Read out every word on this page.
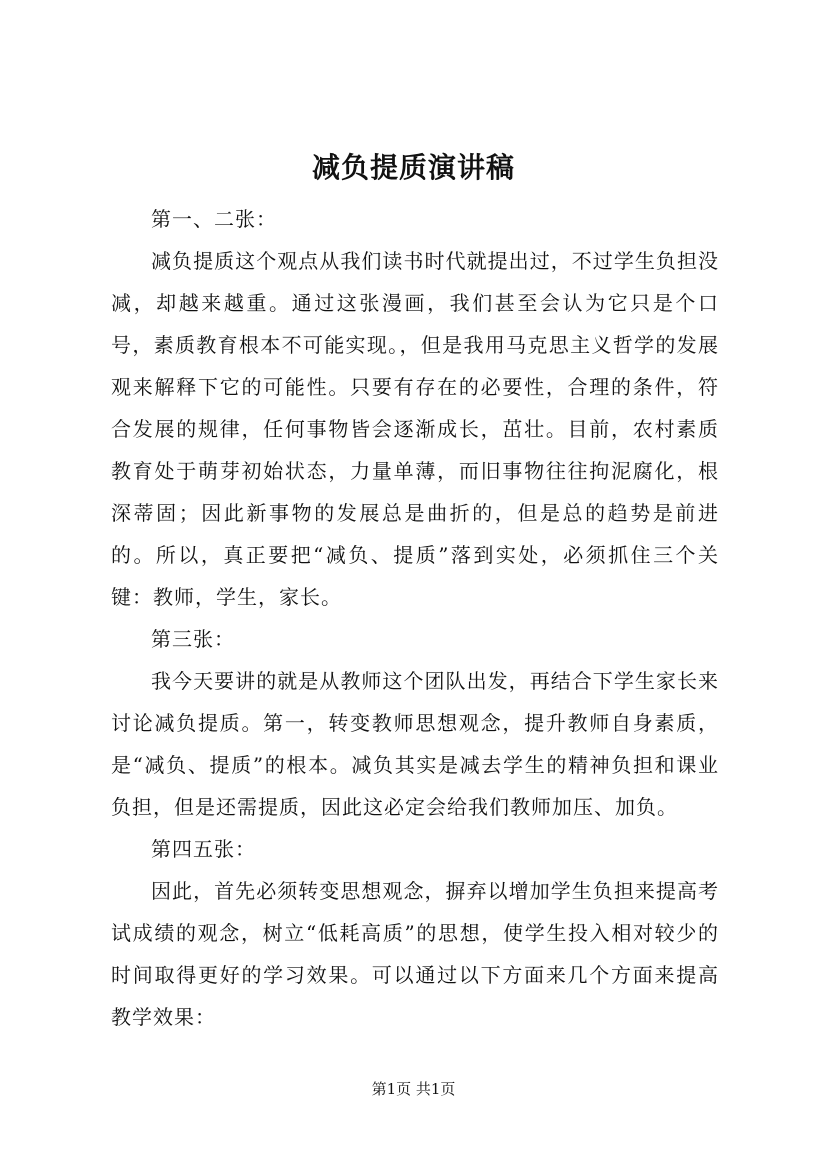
减负提质演讲稿

第一、二张：

减负提质这个观点从我们读书时代就提出过，不过学生负担没减，却越来越重。通过这张漫画，我们甚至会认为它只是个口号，素质教育根本不可能实现。，但是我用马克思主义哲学的发展观来解释下它的可能性。只要有存在的必要性，合理的条件，符合发展的规律，任何事物皆会逐渐成长，茁壮。目前，农村素质教育处于萌芽初始状态，力量单薄，而旧事物往往拘泥腐化，根深蒂固；因此新事物的发展总是曲折的，但是总的趋势是前进的。所以，真正要把“减负、提质”落到实处，必须抓住三个关键：教师，学生，家长。

第三张：

我今天要讲的就是从教师这个团队出发，再结合下学生家长来讨论减负提质。第一，转变教师思想观念，提升教师自身素质，是“减负、提质”的根本。减负其实是减去学生的精神负担和课业负担，但是还需提质，因此这必定会给我们教师加压、加负。

第四五张：

因此，首先必须转变思想观念，摒弃以增加学生负担来提高考试成绩的观念，树立“低耗高质”的思想，使学生投入相对较少的时间取得更好的学习效果。可以通过以下方面来几个方面来提高教学效果：

第1页 共1页
